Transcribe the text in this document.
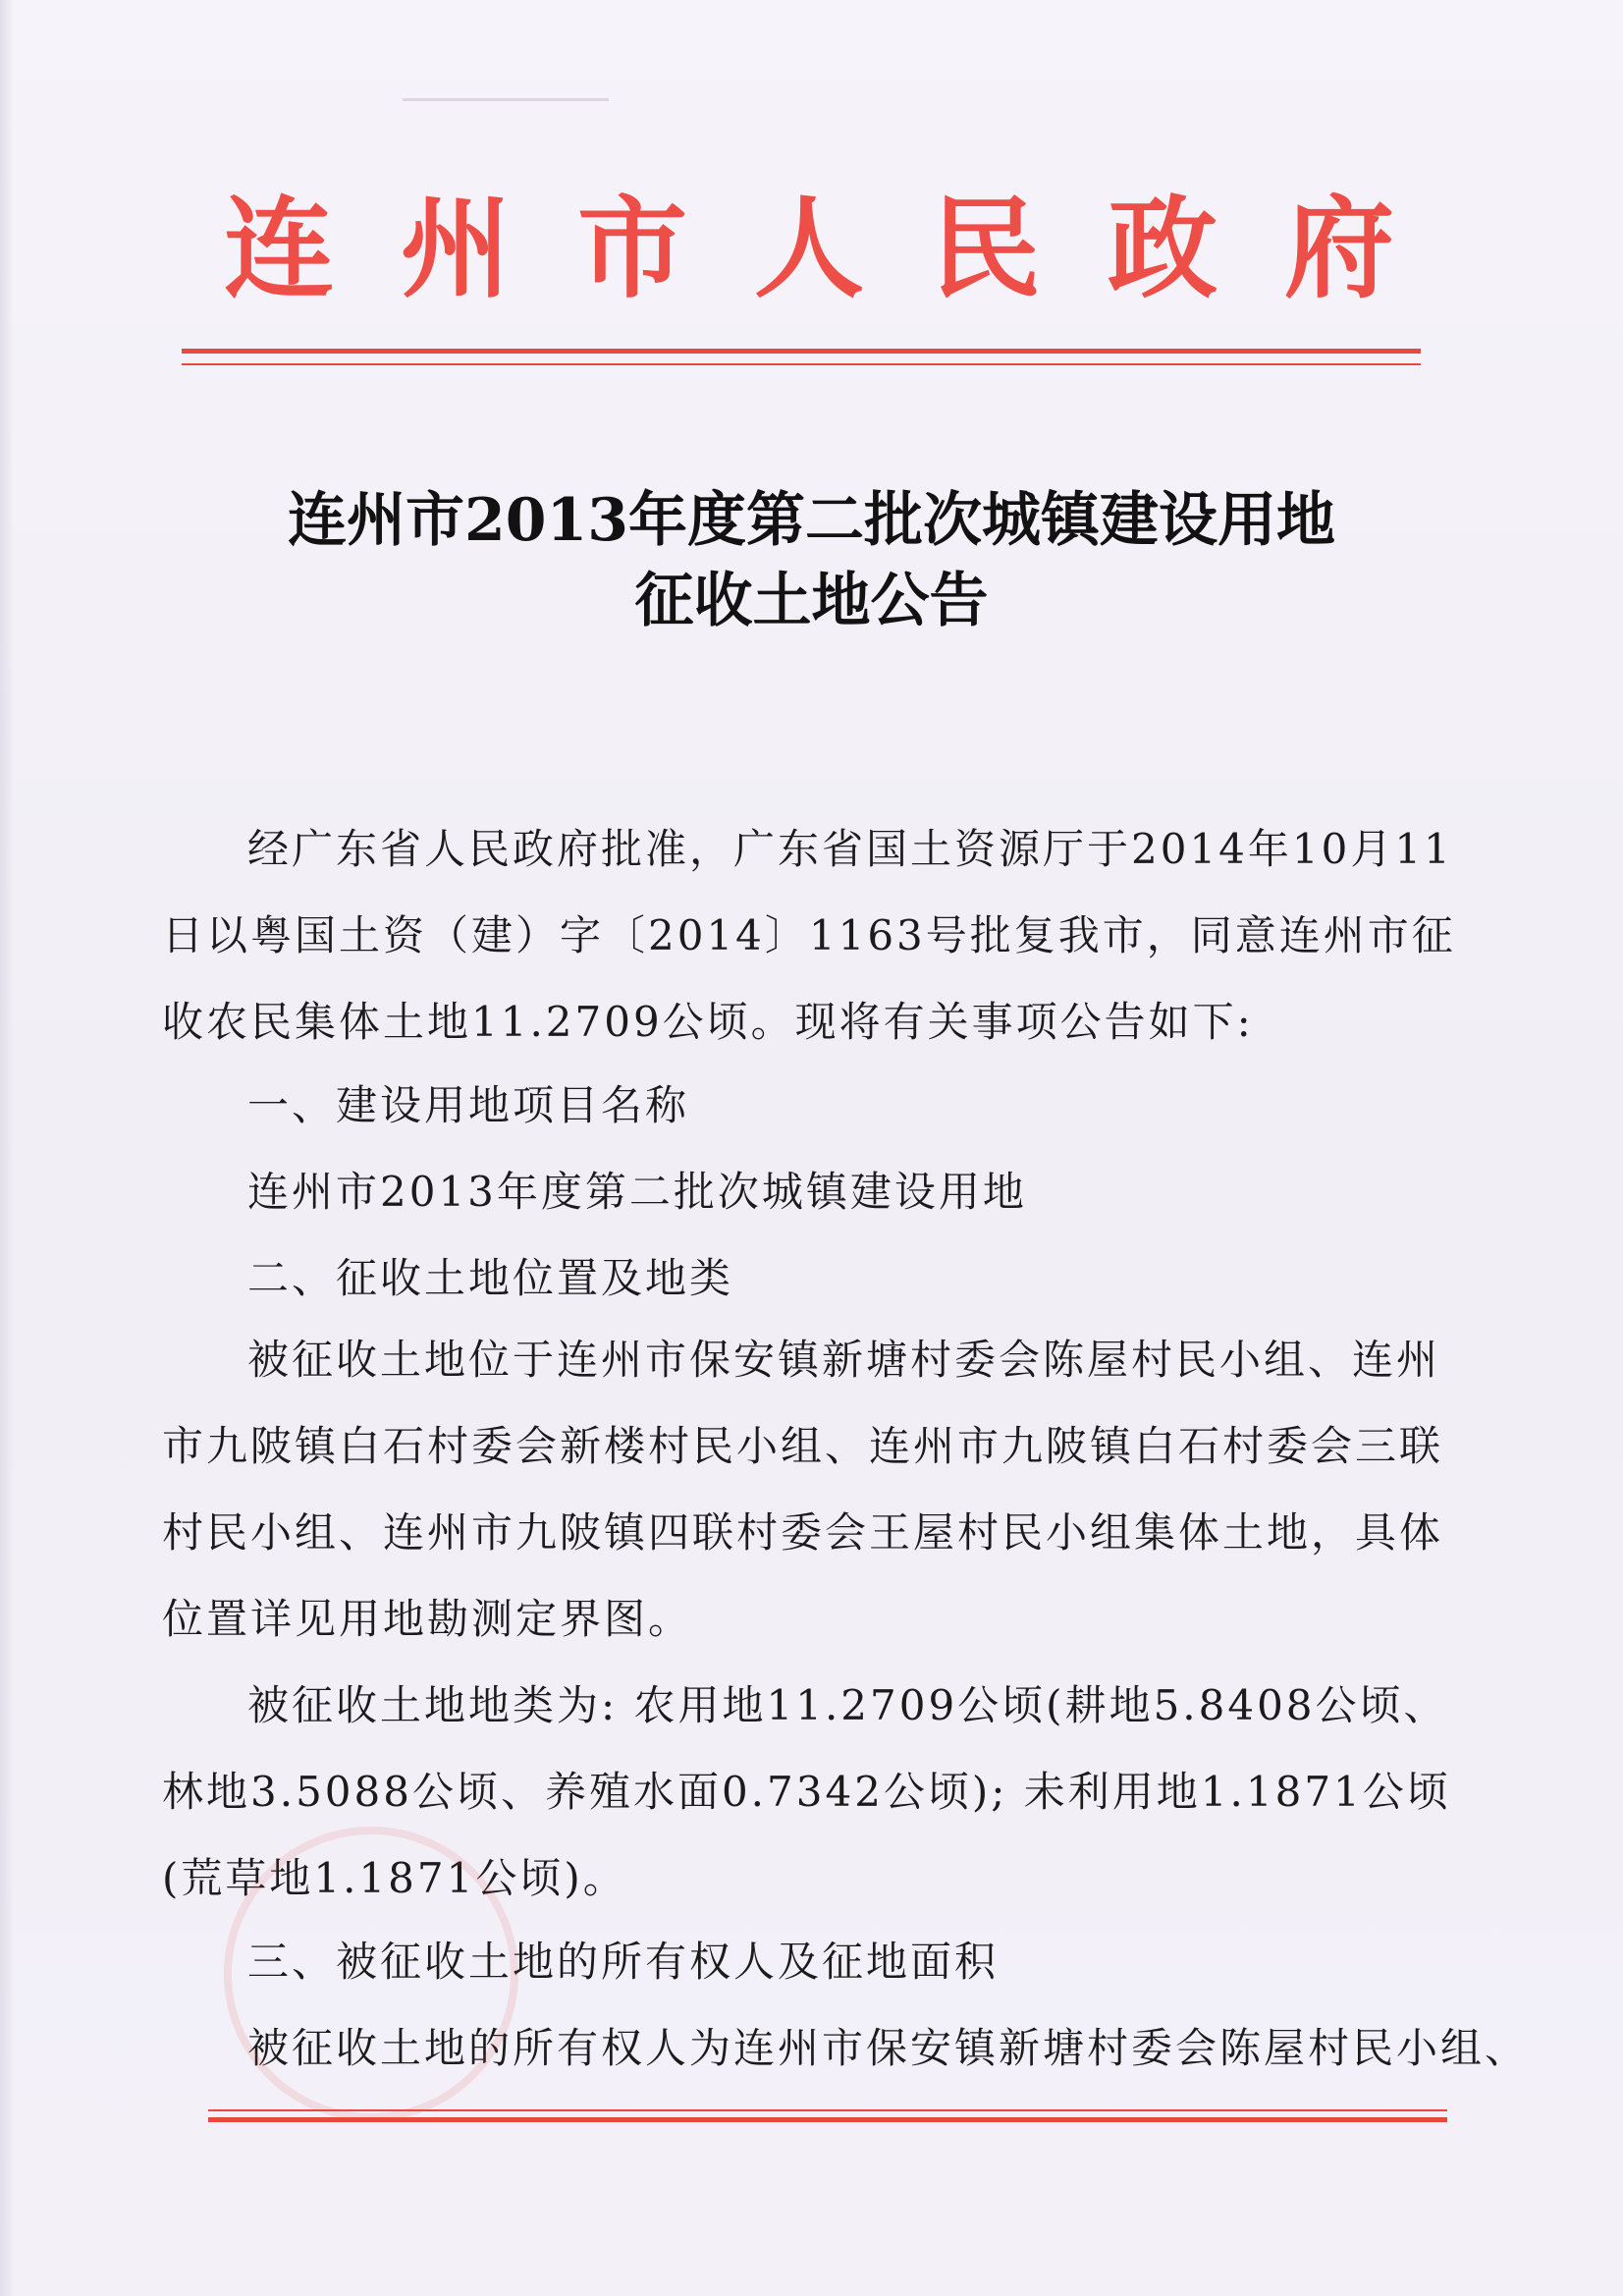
连州市人民政府
连州市2013年度第二批次城镇建设用地
征收土地公告
经广东省人民政府批准，广东省国土资源厅于2014年10月11日以粤国土资（建）字〔2014〕1163号批复我市，同意连州市征收农民集体土地11.2709公顷。现将有关事项公告如下:
一、建设用地项目名称
连州市2013年度第二批次城镇建设用地
二、征收土地位置及地类
被征收土地位于连州市保安镇新塘村委会陈屋村民小组、连州市九陂镇白石村委会新楼村民小组、连州市九陂镇白石村委会三联村民小组、连州市九陂镇四联村委会王屋村民小组集体土地，具体位置详见用地勘测定界图。
被征收土地地类为: 农用地11.2709公顷(耕地5.8408公顷、林地3.5088公顷、养殖水面0.7342公顷); 未利用地1.1871公顷(荒草地1.1871公顷)。
三、被征收土地的所有权人及征地面积
被征收土地的所有权人为连州市保安镇新塘村委会陈屋村民小组、
